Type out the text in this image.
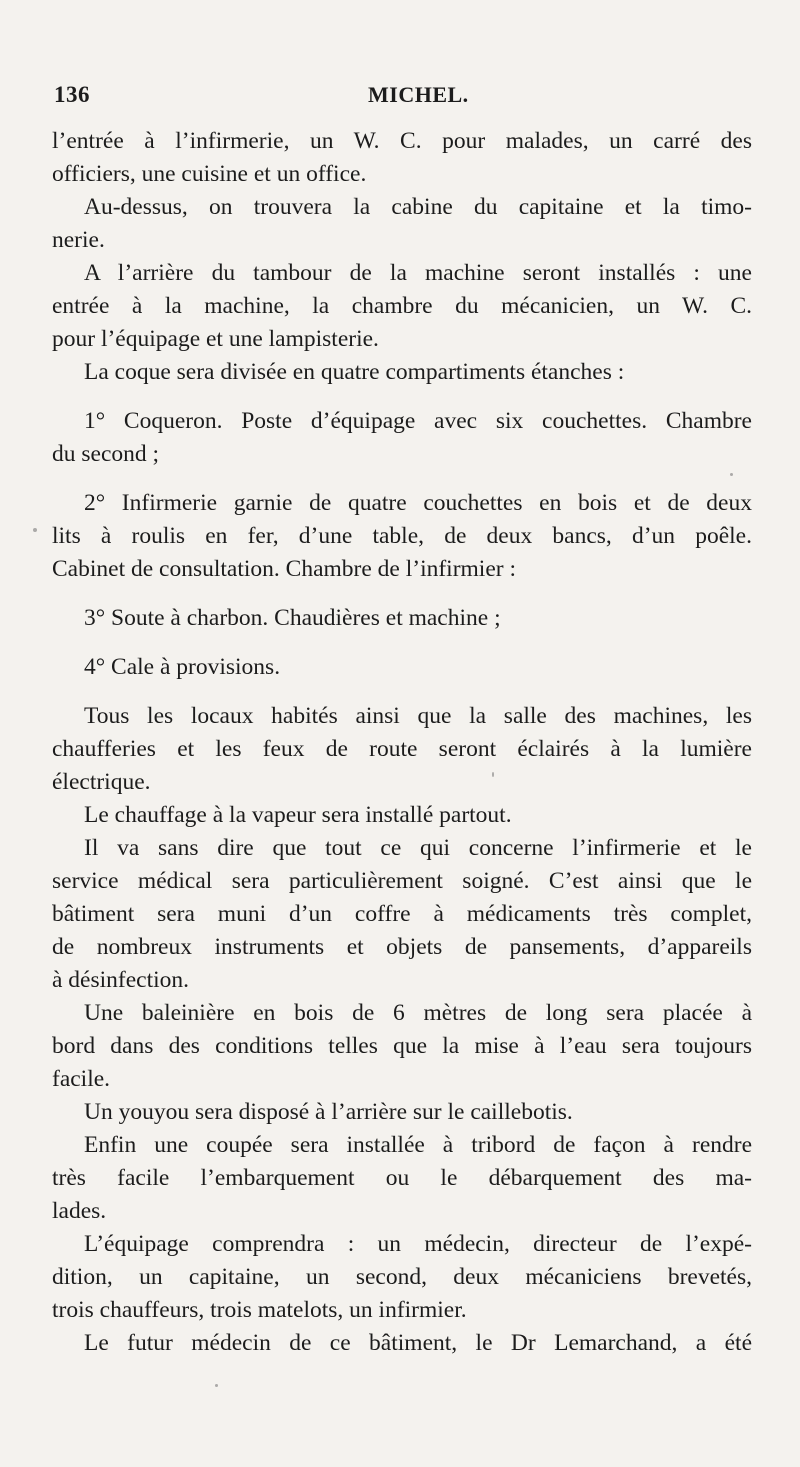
136	MICHEL.
l’entrée à l’infirmerie, un W. C. pour malades, un carré des
officiers, une cuisine et un office.
Au-dessus, on trouvera la cabine du capitaine et la timo-
nerie.
A l’arrière du tambour de la machine seront installés : une
entrée à la machine, la chambre du mécanicien, un W. C.
pour l’équipage et une lampisterie.
La coque sera divisée en quatre compartiments étanches :
1° Coqueron. Poste d’équipage avec six couchettes. Chambre
du second ;
2° Infirmerie garnie de quatre couchettes en bois et de deux
lits à roulis en fer, d’une table, de deux bancs, d’un poêle.
Cabinet de consultation. Chambre de l’infirmier :
3° Soute à charbon. Chaudières et machine ;
4° Cale à provisions.
Tous les locaux habités ainsi que la salle des machines, les
chaufferies et les feux de route seront éclairés à la lumière
électrique.
Le chauffage à la vapeur sera installé partout.
Il va sans dire que tout ce qui concerne l’infirmerie et le
service médical sera particulièrement soigné. C’est ainsi que le
bâtiment sera muni d’un coffre à médicaments très complet,
de nombreux instruments et objets de pansements, d’appareils
à désinfection.
Une baleinière en bois de 6 mètres de long sera placée à
bord dans des conditions telles que la mise à l’eau sera toujours
facile.
Un youyou sera disposé à l’arrière sur le caillebotis.
Enfin une coupée sera installée à tribord de façon à rendre
très facile l’embarquement ou le débarquement des ma-
lades.
L’équipage comprendra : un médecin, directeur de l’expé-
dition, un capitaine, un second, deux mécaniciens brevetés,
trois chauffeurs, trois matelots, un infirmier.
Le futur médecin de ce bâtiment, le Dr Lemarchand, a été
